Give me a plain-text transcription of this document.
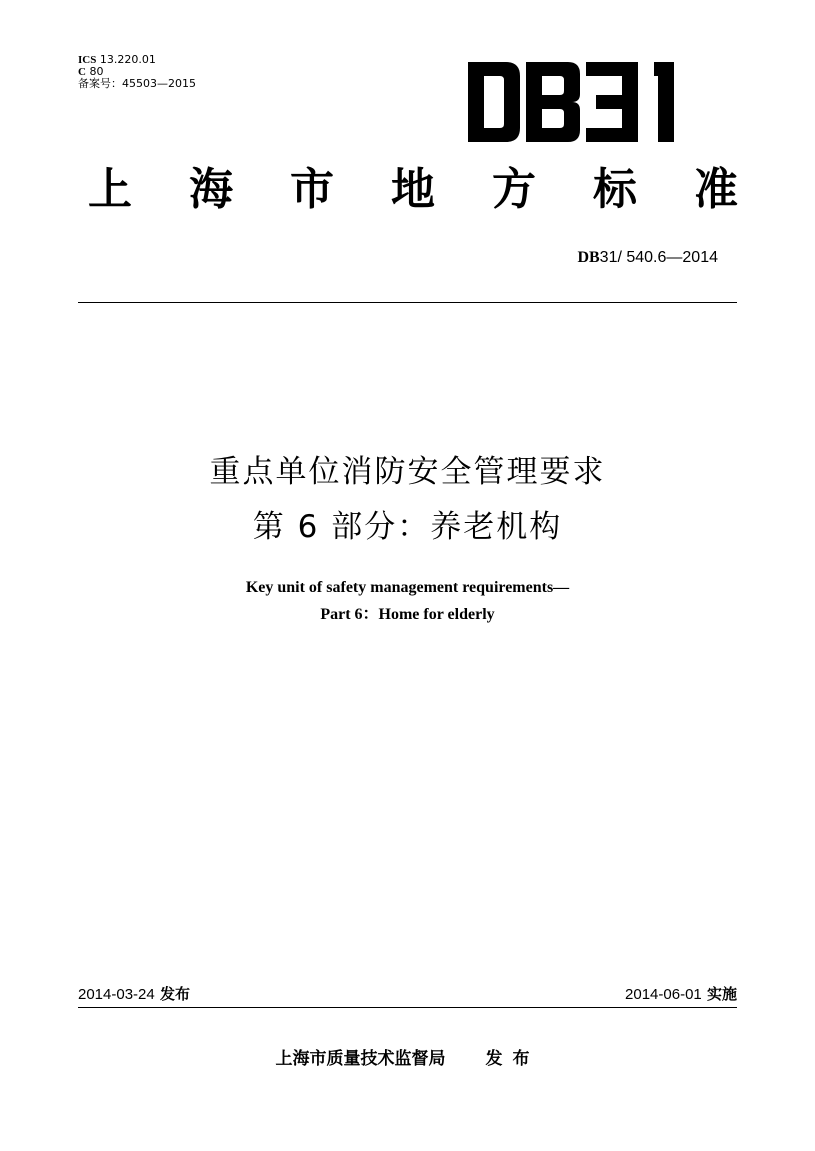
ICS 13.220.01
C 80
备案号：45503—2015
上 海 市 地 方 标 准
DB31/ 540.6—2014
重点单位消防安全管理要求
第 6 部分：养老机构
Key unit of safety management requirements—
Part 6：Home for elderly
2014-03-24 发布	2014-06-01 实施
上海市质量技术监督局 发布
